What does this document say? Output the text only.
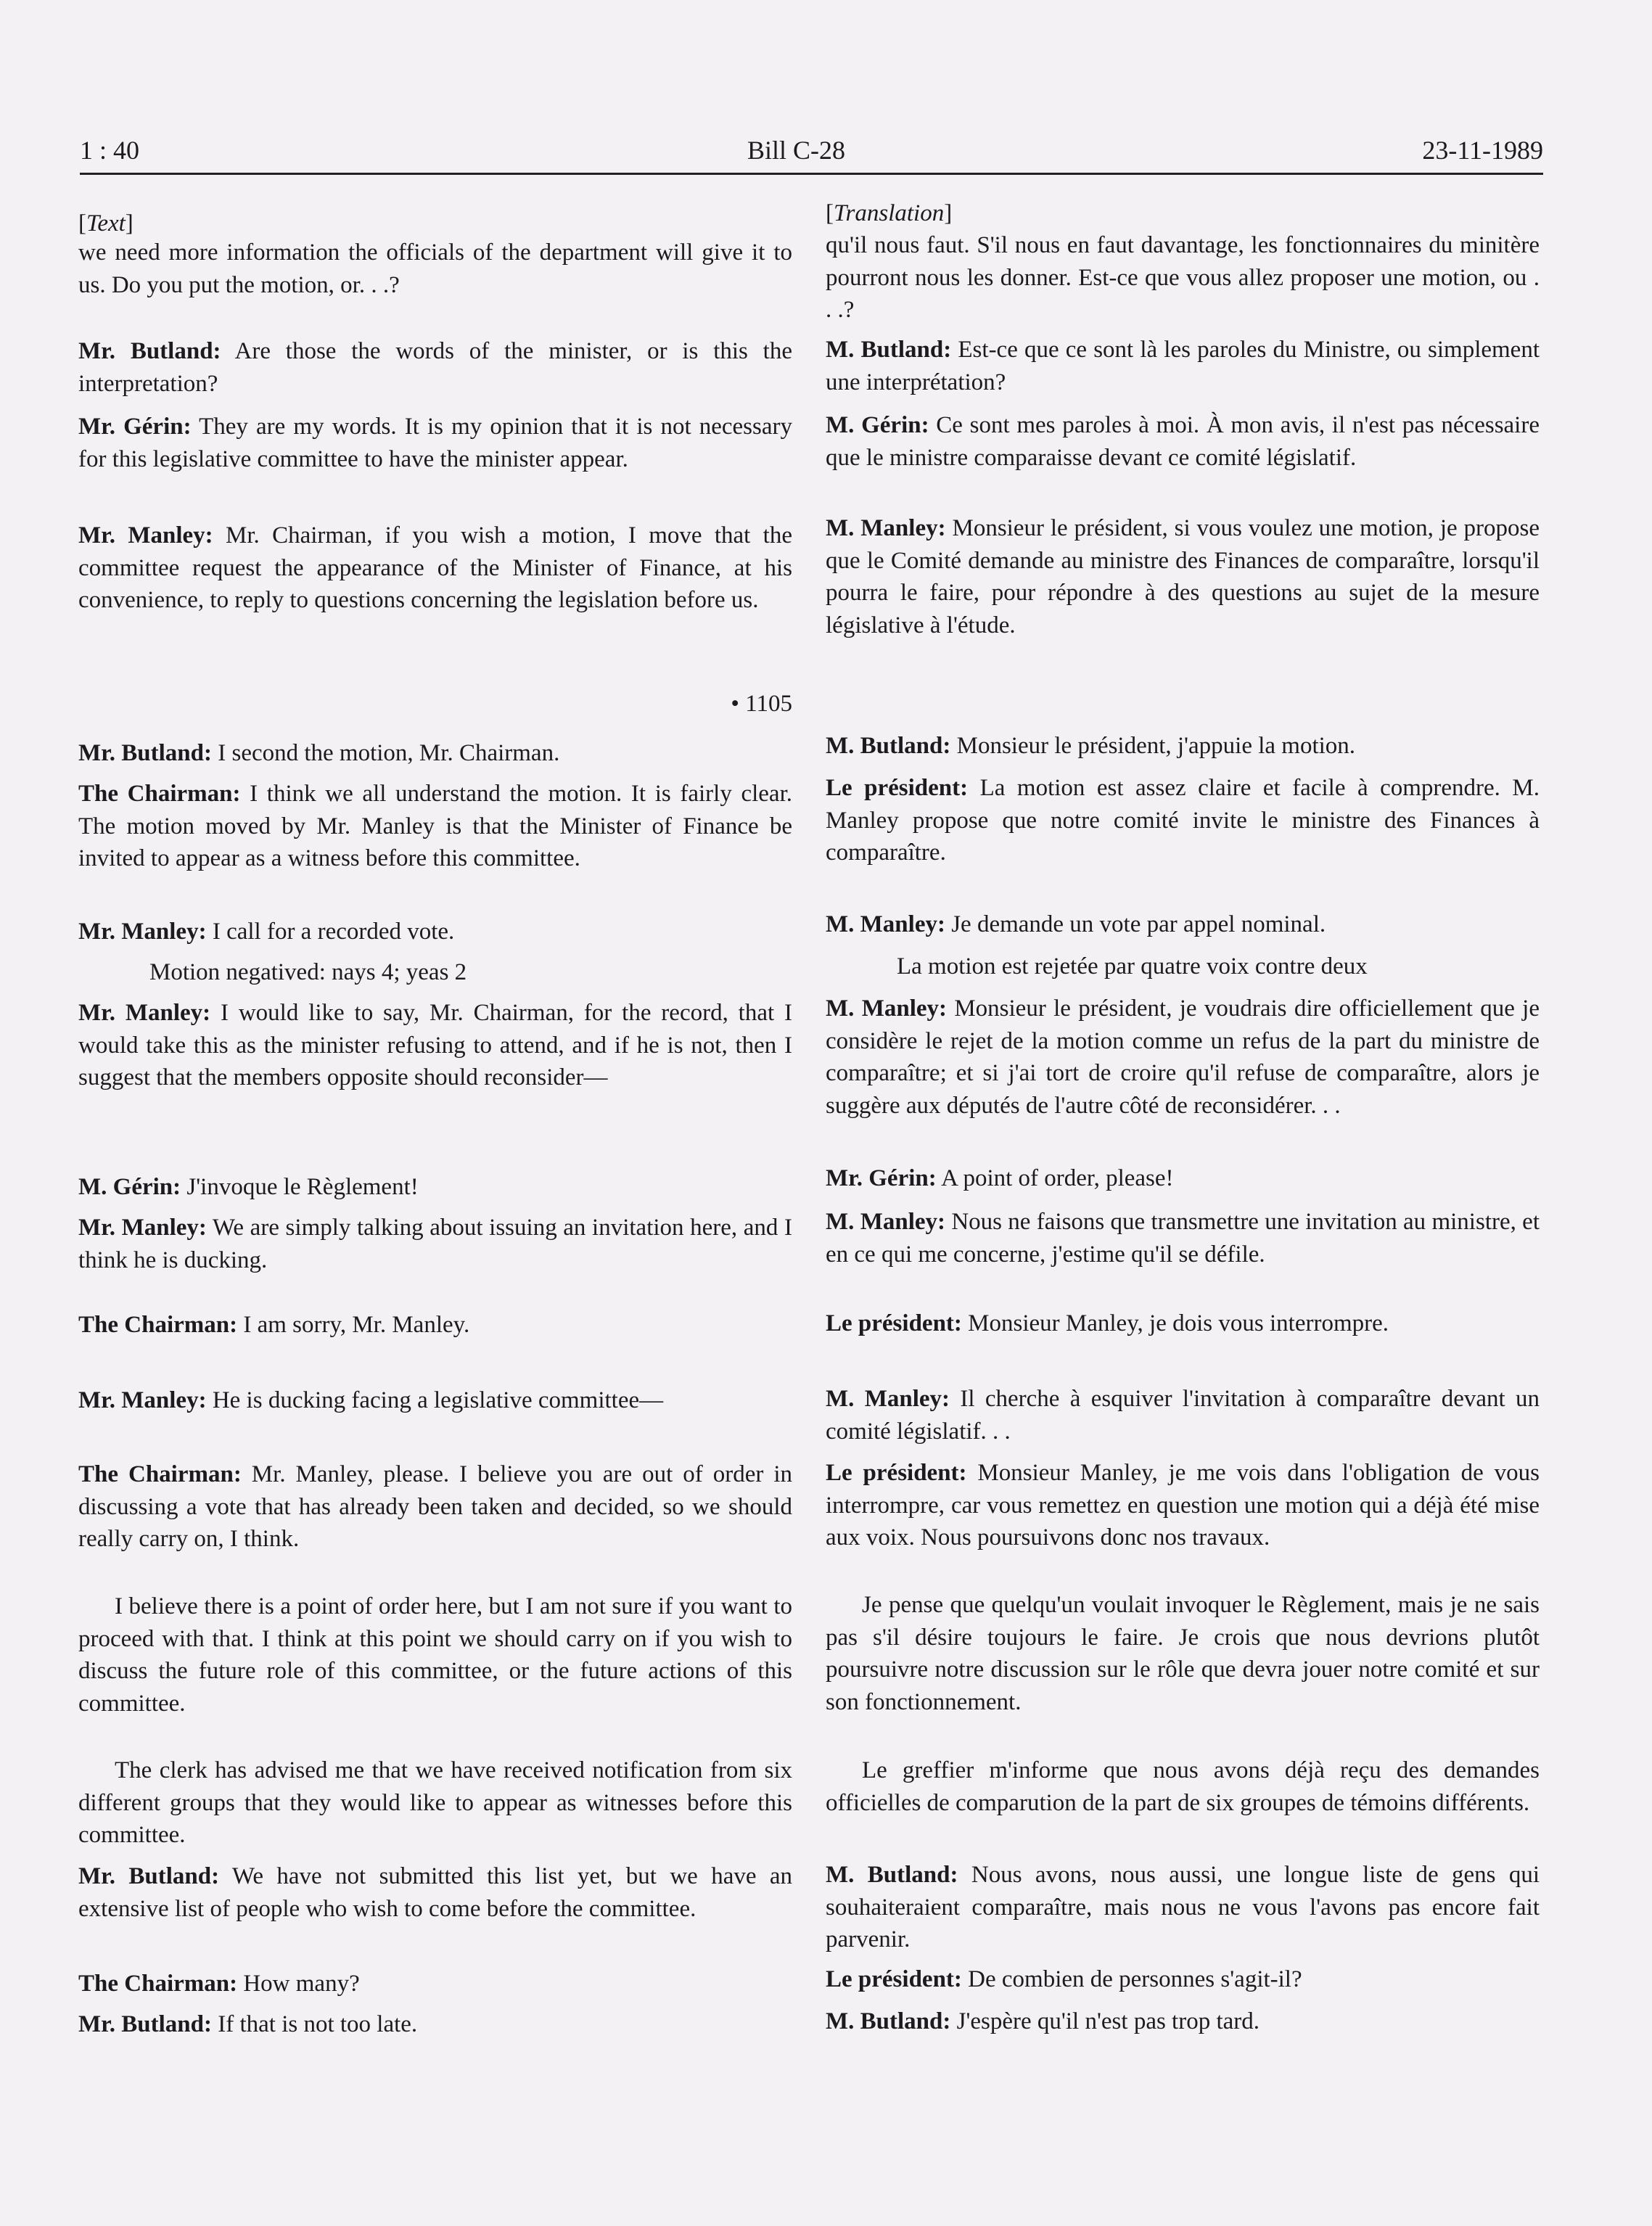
1 : 40	Bill C-28	23-11-1989

[Text]

we need more information the officials of the department will give it to us. Do you put the motion, or. . .?

Mr. Butland: Are those the words of the minister, or is this the interpretation?

Mr. Gérin: They are my words. It is my opinion that it is not necessary for this legislative committee to have the minister appear.

Mr. Manley: Mr. Chairman, if you wish a motion, I move that the committee request the appearance of the Minister of Finance, at his convenience, to reply to questions concerning the legislation before us.

• 1105

Mr. Butland: I second the motion, Mr. Chairman.

The Chairman: I think we all understand the motion. It is fairly clear. The motion moved by Mr. Manley is that the Minister of Finance be invited to appear as a witness before this committee.

Mr. Manley: I call for a recorded vote.

Motion negatived: nays 4; yeas 2

Mr. Manley: I would like to say, Mr. Chairman, for the record, that I would take this as the minister refusing to attend, and if he is not, then I suggest that the members opposite should reconsider—

M. Gérin: J'invoque le Règlement!

Mr. Manley: We are simply talking about issuing an invitation here, and I think he is ducking.

The Chairman: I am sorry, Mr. Manley.

Mr. Manley: He is ducking facing a legislative committee—

The Chairman: Mr. Manley, please. I believe you are out of order in discussing a vote that has already been taken and decided, so we should really carry on, I think.

I believe there is a point of order here, but I am not sure if you want to proceed with that. I think at this point we should carry on if you wish to discuss the future role of this committee, or the future actions of this committee.

The clerk has advised me that we have received notification from six different groups that they would like to appear as witnesses before this committee.

Mr. Butland: We have not submitted this list yet, but we have an extensive list of people who wish to come before the committee.

The Chairman: How many?

Mr. Butland: If that is not too late.

[Translation]

qu'il nous faut. S'il nous en faut davantage, les fonctionnaires du minitère pourront nous les donner. Est-ce que vous allez proposer une motion, ou . . .?

M. Butland: Est-ce que ce sont là les paroles du Ministre, ou simplement une interprétation?

M. Gérin: Ce sont mes paroles à moi. À mon avis, il n'est pas nécessaire que le ministre comparaisse devant ce comité législatif.

M. Manley: Monsieur le président, si vous voulez une motion, je propose que le Comité demande au ministre des Finances de comparaître, lorsqu'il pourra le faire, pour répondre à des questions au sujet de la mesure législative à l'étude.

M. Butland: Monsieur le président, j'appuie la motion.

Le président: La motion est assez claire et facile à comprendre. M. Manley propose que notre comité invite le ministre des Finances à comparaître.

M. Manley: Je demande un vote par appel nominal.

La motion est rejetée par quatre voix contre deux

M. Manley: Monsieur le président, je voudrais dire officiellement que je considère le rejet de la motion comme un refus de la part du ministre de comparaître; et si j'ai tort de croire qu'il refuse de comparaître, alors je suggère aux députés de l'autre côté de reconsidérer. . .

Mr. Gérin: A point of order, please!

M. Manley: Nous ne faisons que transmettre une invitation au ministre, et en ce qui me concerne, j'estime qu'il se défile.

Le président: Monsieur Manley, je dois vous interrompre.

M. Manley: Il cherche à esquiver l'invitation à comparaître devant un comité législatif. . .

Le président: Monsieur Manley, je me vois dans l'obligation de vous interrompre, car vous remettez en question une motion qui a déjà été mise aux voix. Nous poursuivons donc nos travaux.

Je pense que quelqu'un voulait invoquer le Règlement, mais je ne sais pas s'il désire toujours le faire. Je crois que nous devrions plutôt poursuivre notre discussion sur le rôle que devra jouer notre comité et sur son fonctionnement.

Le greffier m'informe que nous avons déjà reçu des demandes officielles de comparution de la part de six groupes de témoins différents.

M. Butland: Nous avons, nous aussi, une longue liste de gens qui souhaiteraient comparaître, mais nous ne vous l'avons pas encore fait parvenir.

Le président: De combien de personnes s'agit-il?

M. Butland: J'espère qu'il n'est pas trop tard.
